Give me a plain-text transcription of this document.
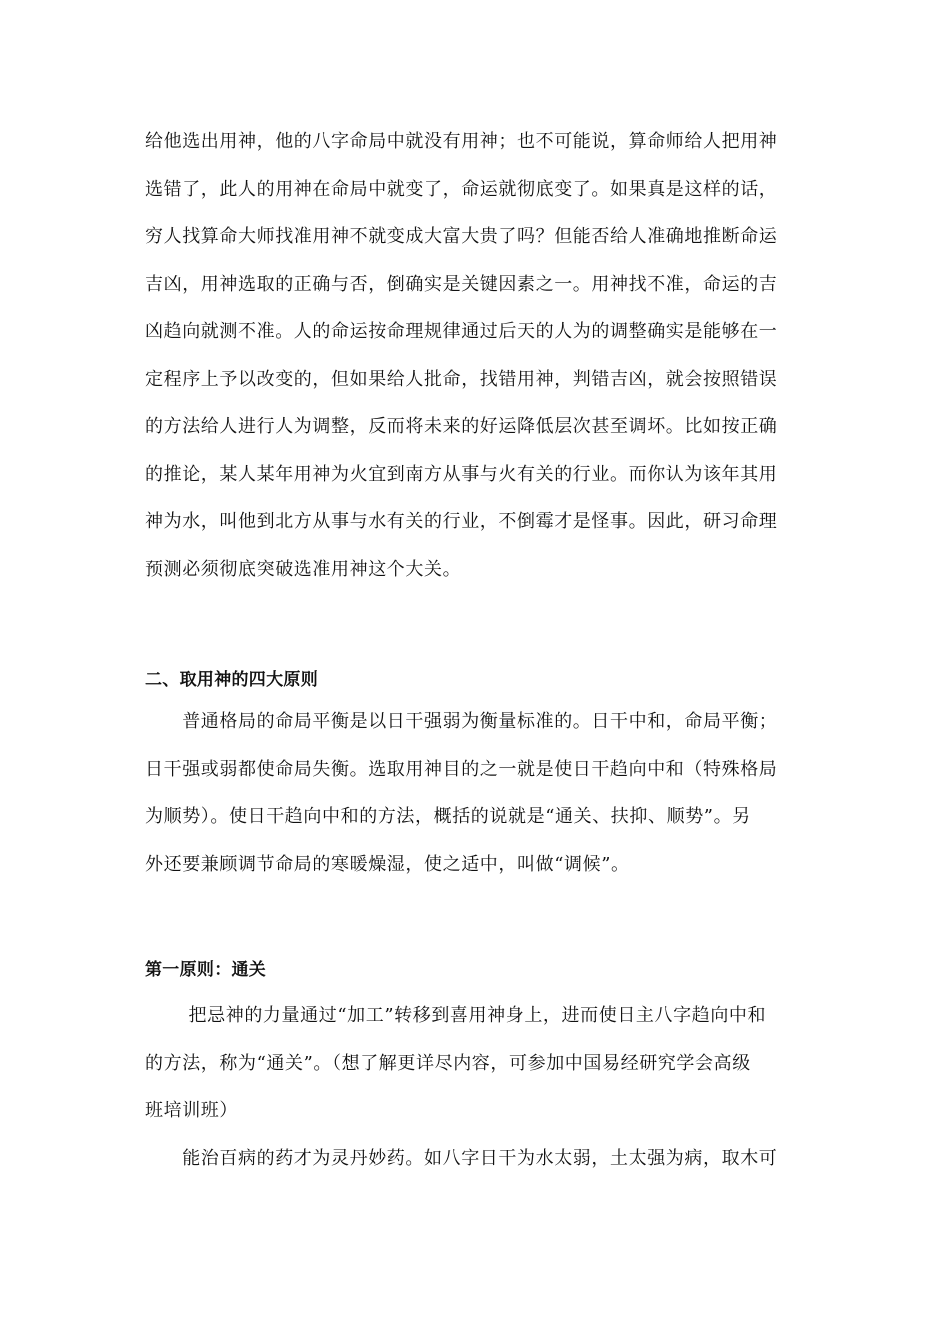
给他选出用神，他的八字命局中就没有用神；也不可能说，算命师给人把用神
选错了，此人的用神在命局中就变了，命运就彻底变了。如果真是这样的话，
穷人找算命大师找准用神不就变成大富大贵了吗？但能否给人准确地推断命运
吉凶，用神选取的正确与否，倒确实是关键因素之一。用神找不准，命运的吉
凶趋向就测不准。人的命运按命理规律通过后天的人为的调整确实是能够在一
定程序上予以改变的，但如果给人批命，找错用神，判错吉凶，就会按照错误
的方法给人进行人为调整，反而将未来的好运降低层次甚至调坏。比如按正确
的推论，某人某年用神为火宜到南方从事与火有关的行业。而你认为该年其用
神为水，叫他到北方从事与水有关的行业，不倒霉才是怪事。因此，研习命理
预测必须彻底突破选准用神这个大关。
二、取用神的四大原则
　　普通格局的命局平衡是以日干强弱为衡量标准的。日干中和，命局平衡；
日干强或弱都使命局失衡。选取用神目的之一就是使日干趋向中和（特殊格局
为顺势）。使日干趋向中和的方法，概括的说就是“通关、扶抑、顺势”。另
外还要兼顾调节命局的寒暖燥湿，使之适中，叫做“调候”。
第一原则：通关
　　 把忌神的力量通过“加工”转移到喜用神身上，进而使日主八字趋向中和
的方法，称为“通关”。（想了解更详尽内容，可参加中国易经研究学会高级
班培训班）
　　能治百病的药才为灵丹妙药。如八字日干为水太弱，土太强为病，取木可
